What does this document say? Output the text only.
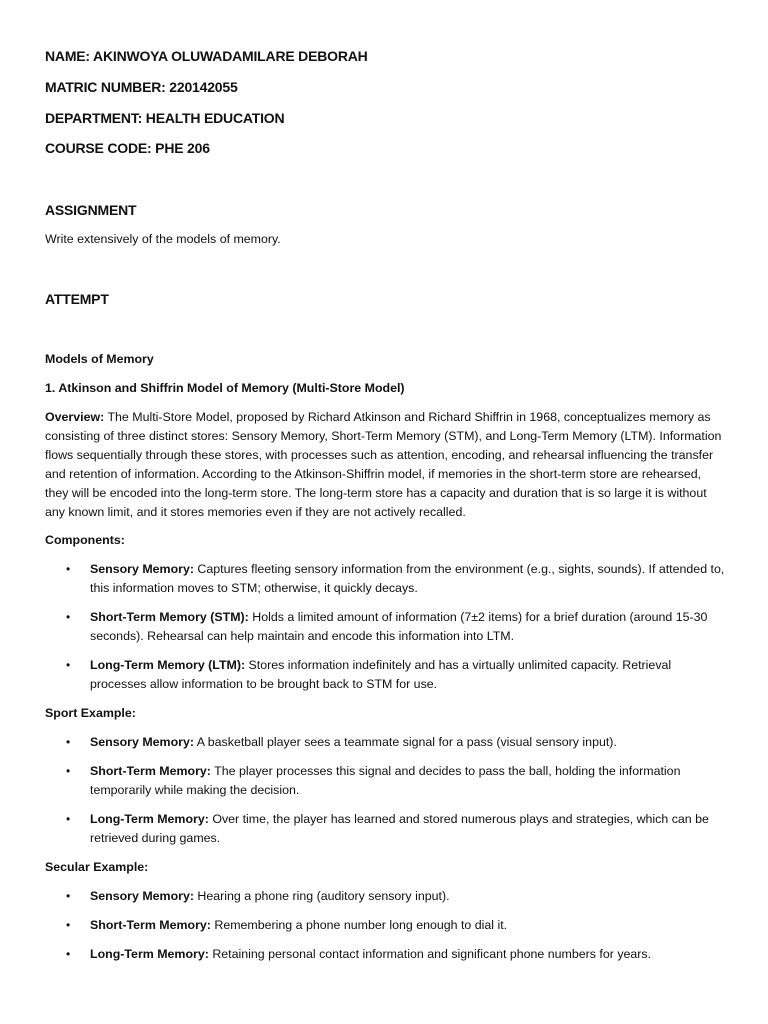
NAME: AKINWOYA OLUWADAMILARE DEBORAH

MATRIC NUMBER: 220142055

DEPARTMENT: HEALTH EDUCATION

COURSE CODE: PHE 206

ASSIGNMENT

Write extensively of the models of memory.

ATTEMPT

Models of Memory

1. Atkinson and Shiffrin Model of Memory (Multi-Store Model)

Overview: The Multi-Store Model, proposed by Richard Atkinson and Richard Shiffrin in 1968, conceptualizes memory as consisting of three distinct stores: Sensory Memory, Short-Term Memory (STM), and Long-Term Memory (LTM). Information flows sequentially through these stores, with processes such as attention, encoding, and rehearsal influencing the transfer and retention of information. According to the Atkinson-Shiffrin model, if memories in the short-term store are rehearsed, they will be encoded into the long-term store. The long-term store has a capacity and duration that is so large it is without any known limit, and it stores memories even if they are not actively recalled.

Components:

• Sensory Memory: Captures fleeting sensory information from the environment (e.g., sights, sounds). If attended to, this information moves to STM; otherwise, it quickly decays.
• Short-Term Memory (STM): Holds a limited amount of information (7±2 items) for a brief duration (around 15-30 seconds). Rehearsal can help maintain and encode this information into LTM.
• Long-Term Memory (LTM): Stores information indefinitely and has a virtually unlimited capacity. Retrieval processes allow information to be brought back to STM for use.

Sport Example:

• Sensory Memory: A basketball player sees a teammate signal for a pass (visual sensory input).
• Short-Term Memory: The player processes this signal and decides to pass the ball, holding the information temporarily while making the decision.
• Long-Term Memory: Over time, the player has learned and stored numerous plays and strategies, which can be retrieved during games.

Secular Example:

• Sensory Memory: Hearing a phone ring (auditory sensory input).
• Short-Term Memory: Remembering a phone number long enough to dial it.
• Long-Term Memory: Retaining personal contact information and significant phone numbers for years.
